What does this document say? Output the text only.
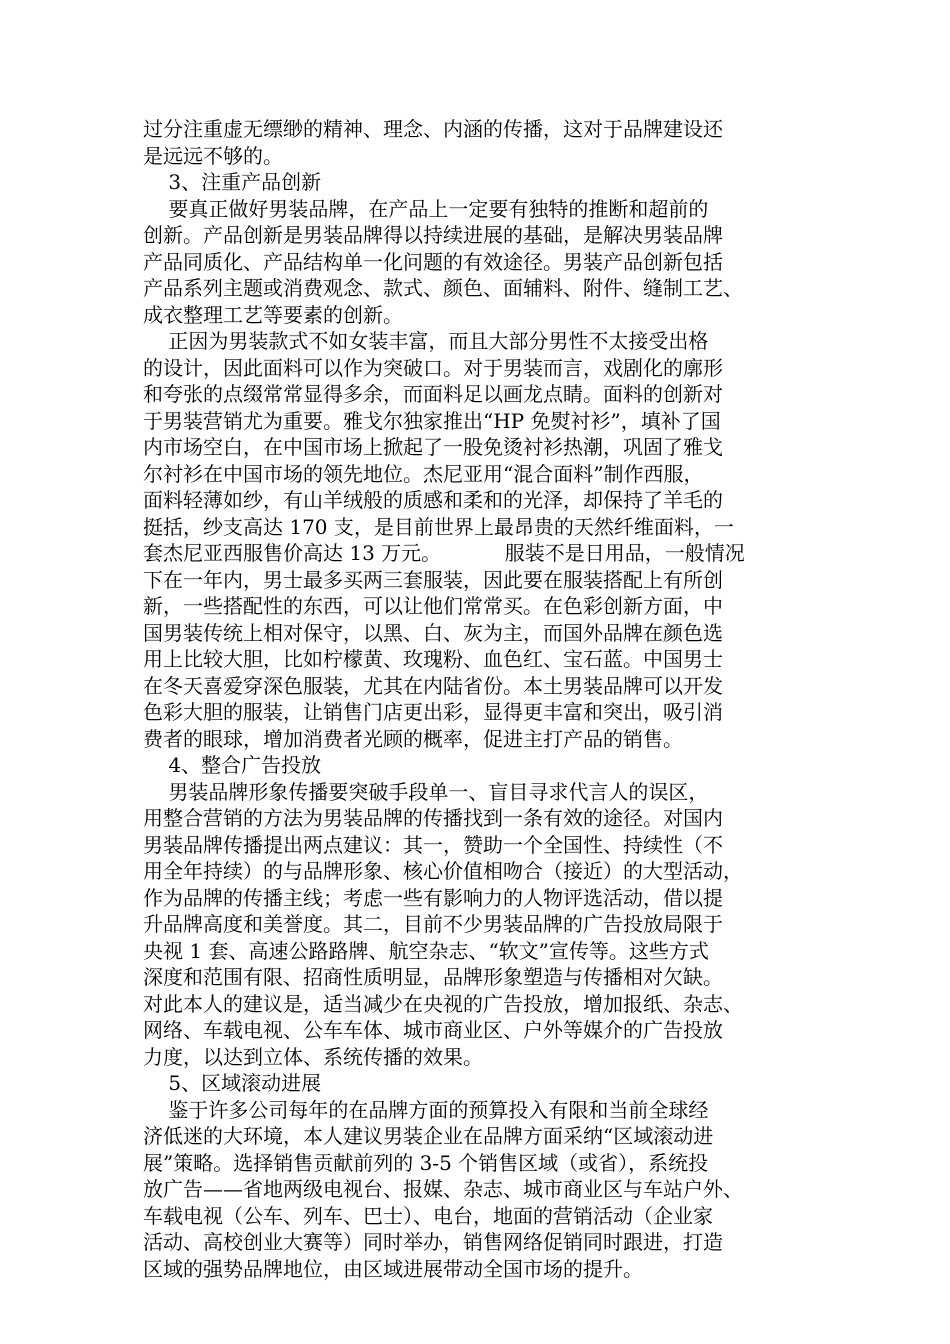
过分注重虚无缥缈的精神、理念、内涵的传播，这对于品牌建设还
是远远不够的。
3、注重产品创新
要真正做好男装品牌，在产品上一定要有独特的推断和超前的
创新。产品创新是男装品牌得以持续进展的基础，是解决男装品牌
产品同质化、产品结构单一化问题的有效途径。男装产品创新包括
产品系列主题或消费观念、款式、颜色、面辅料、附件、缝制工艺、
成衣整理工艺等要素的创新。
正因为男装款式不如女装丰富，而且大部分男性不太接受出格
的设计，因此面料可以作为突破口。对于男装而言，戏剧化的廓形
和夸张的点缀常常显得多余，而面料足以画龙点睛。面料的创新对
于男装营销尤为重要。雅戈尔独家推出“HP 免熨衬衫”，填补了国
内市场空白，在中国市场上掀起了一股免烫衬衫热潮，巩固了雅戈
尔衬衫在中国市场的领先地位。杰尼亚用“混合面料”制作西服，
面料轻薄如纱，有山羊绒般的质感和柔和的光泽，却保持了羊毛的
挺括，纱支高达 170 支，是目前世界上最昂贵的天然纤维面料，一
套杰尼亚西服售价高达 13 万元。          服装不是日用品，一般情况
下在一年内，男士最多买两三套服装，因此要在服装搭配上有所创
新，一些搭配性的东西，可以让他们常常买。在色彩创新方面，中
国男装传统上相对保守，以黑、白、灰为主，而国外品牌在颜色选
用上比较大胆，比如柠檬黄、玫瑰粉、血色红、宝石蓝。中国男士
在冬天喜爱穿深色服装，尤其在内陆省份。本土男装品牌可以开发
色彩大胆的服装，让销售门店更出彩，显得更丰富和突出，吸引消
费者的眼球，增加消费者光顾的概率，促进主打产品的销售。
4、整合广告投放
男装品牌形象传播要突破手段单一、盲目寻求代言人的误区，
用整合营销的方法为男装品牌的传播找到一条有效的途径。对国内
男装品牌传播提出两点建议：其一，赞助一个全国性、持续性（不
用全年持续）的与品牌形象、核心价值相吻合（接近）的大型活动，
作为品牌的传播主线；考虑一些有影响力的人物评选活动，借以提
升品牌高度和美誉度。其二，目前不少男装品牌的广告投放局限于
央视 1 套、高速公路路牌、航空杂志、“软文”宣传等。这些方式
深度和范围有限、招商性质明显，品牌形象塑造与传播相对欠缺。
对此本人的建议是，适当减少在央视的广告投放，增加报纸、杂志、
网络、车载电视、公车车体、城市商业区、户外等媒介的广告投放
力度，以达到立体、系统传播的效果。
5、区域滚动进展
鉴于许多公司每年的在品牌方面的预算投入有限和当前全球经
济低迷的大环境，本人建议男装企业在品牌方面采纳“区域滚动进
展”策略。选择销售贡献前列的 3-5 个销售区域（或省），系统投
放广告——省地两级电视台、报媒、杂志、城市商业区与车站户外、
车载电视（公车、列车、巴士）、电台，地面的营销活动（企业家
活动、高校创业大赛等）同时举办，销售网络促销同时跟进，打造
区域的强势品牌地位，由区域进展带动全国市场的提升。
